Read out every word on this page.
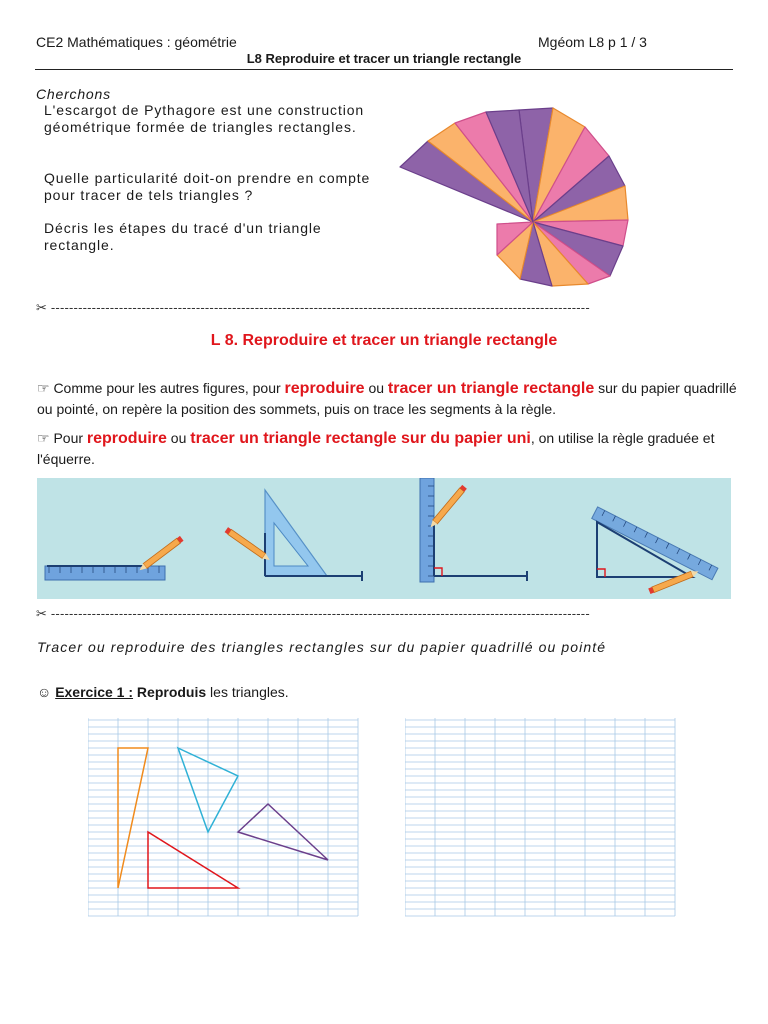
CE2 Mathématiques : géométrie	Mgéom L8 p 1 / 3
L8 Reproduire et tracer un triangle rectangle
Cherchons
L'escargot de Pythagore est une construction géométrique formée de triangles rectangles.
Quelle particularité doit-on prendre en compte pour tracer de tels triangles ?
Décris les étapes du tracé d'un triangle rectangle.
✂ -----------------------------------------------------------------------------------------------------------------------
L 8. Reproduire et tracer un triangle rectangle
☞ Comme pour les autres figures, pour reproduire ou tracer un triangle rectangle sur du papier quadrillé ou pointé, on repère la position des sommets, puis on trace les segments à la règle.
☞ Pour reproduire ou tracer un triangle rectangle sur du papier uni, on utilise la règle graduée et l'équerre.
✂ -----------------------------------------------------------------------------------------------------------------------
Tracer ou reproduire des triangles rectangles sur du papier quadrillé ou pointé
☺ Exercice 1 : Reproduis les triangles.
